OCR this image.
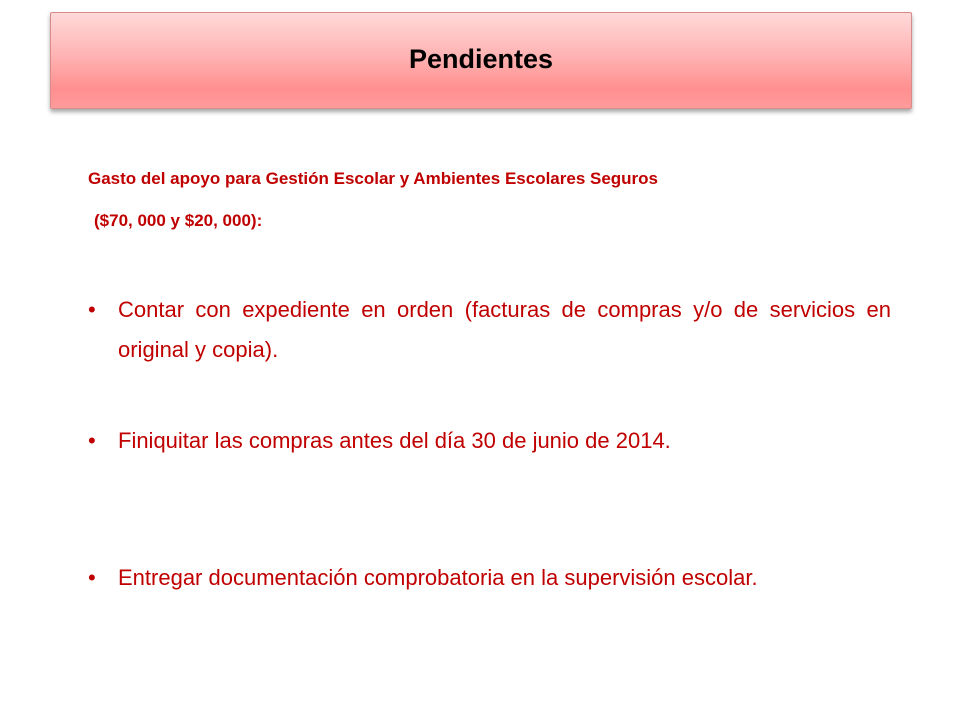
Pendientes
Gasto del apoyo para Gestión Escolar y Ambientes Escolares Seguros
($70, 000 y $20, 000):
•	Contar con expediente en orden (facturas de compras y/o de servicios en original y copia).
•	Finiquitar las compras antes del día 30 de junio de 2014.
•	Entregar documentación comprobatoria en la supervisión escolar.
